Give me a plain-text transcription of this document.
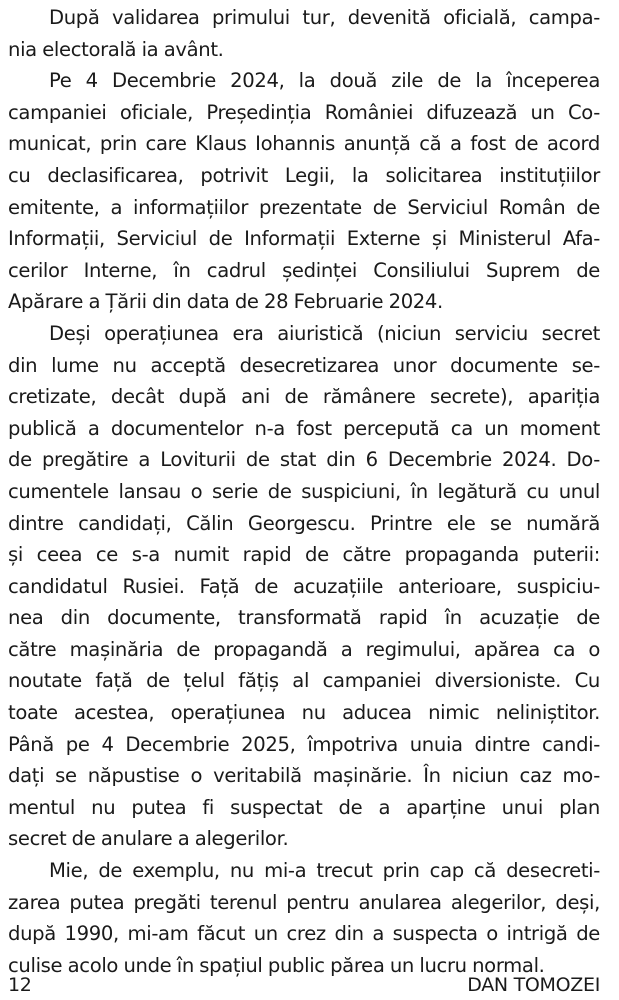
După validarea primului tur, devenită oficială, campa-
nia electorală ia avânt.
Pe 4 Decembrie 2024, la două zile de la începerea
campaniei oficiale, Președinția României difuzează un Co-
municat, prin care Klaus Iohannis anunță că a fost de acord
cu declasificarea, potrivit Legii, la solicitarea instituțiilor
emitente, a informațiilor prezentate de Serviciul Român de
Informații, Serviciul de Informații Externe și Ministerul Afa-
cerilor Interne, în cadrul ședinței Consiliului Suprem de
Apărare a Țării din data de 28 Februarie 2024.
Deși operațiunea era aiuristică (niciun serviciu secret
din lume nu acceptă desecretizarea unor documente se-
cretizate, decât după ani de rămânere secrete), apariția
publică a documentelor n-a fost percepută ca un moment
de pregătire a Loviturii de stat din 6 Decembrie 2024. Do-
cumentele lansau o serie de suspiciuni, în legătură cu unul
dintre candidați, Călin Georgescu. Printre ele se numără
și ceea ce s-a numit rapid de către propaganda puterii:
candidatul Rusiei. Față de acuzațiile anterioare, suspiciu-
nea din documente, transformată rapid în acuzație de
către mașinăria de propagandă a regimului, apărea ca o
noutate față de țelul fățiș al campaniei diversioniste. Cu
toate acestea, operațiunea nu aducea nimic neliniștitor.
Până pe 4 Decembrie 2025, împotriva unuia dintre candi-
dați se năpustise o veritabilă mașinărie. În niciun caz mo-
mentul nu putea fi suspectat de a aparține unui plan
secret de anulare a alegerilor.
Mie, de exemplu, nu mi-a trecut prin cap că desecreti-
zarea putea pregăti terenul pentru anularea alegerilor, deși,
după 1990, mi-am făcut un crez din a suspecta o intrigă de
culise acolo unde în spațiul public părea un lucru normal.
12	DAN TOMOZEI
